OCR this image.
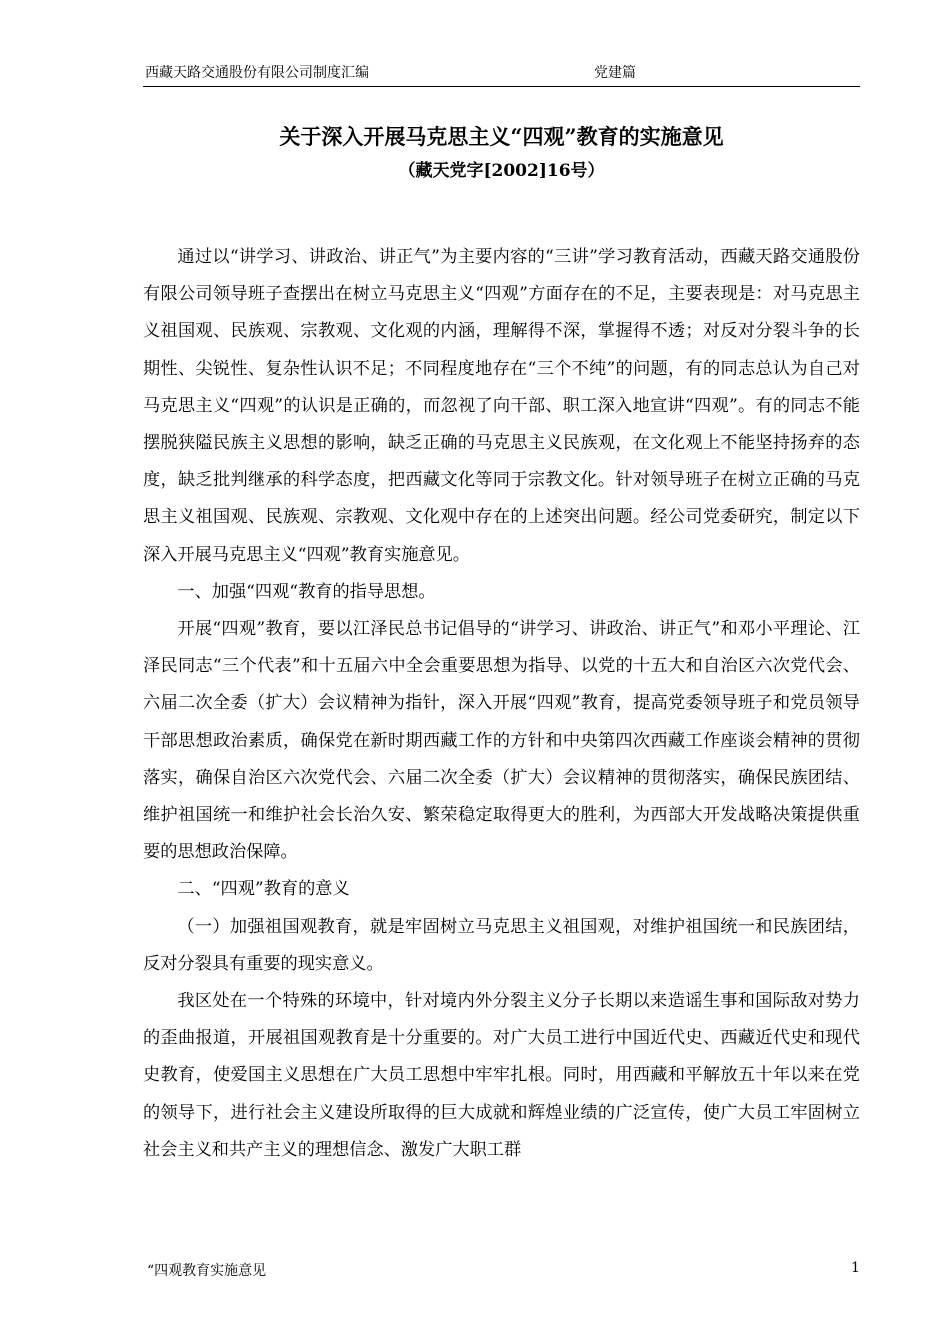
西藏天路交通股份有限公司制度汇编	党建篇
关于深入开展马克思主义“四观”教育的实施意见
（藏天党字[2002]16号）

通过以“讲学习、讲政治、讲正气”为主要内容的“三讲”学习教育活动，西藏天路交通股份有限公司领导班子查摆出在树立马克思主义“四观”方面存在的不足，主要表现是：对马克思主义祖国观、民族观、宗教观、文化观的内涵，理解得不深，掌握得不透；对反对分裂斗争的长期性、尖锐性、复杂性认识不足；不同程度地存在“三个不纯”的问题，有的同志总认为自己对马克思主义“四观”的认识是正确的，而忽视了向干部、职工深入地宣讲“四观”。有的同志不能摆脱狭隘民族主义思想的影响，缺乏正确的马克思主义民族观，在文化观上不能坚持扬弃的态度，缺乏批判继承的科学态度，把西藏文化等同于宗教文化。针对领导班子在树立正确的马克思主义祖国观、民族观、宗教观、文化观中存在的上述突出问题。经公司党委研究，制定以下深入开展马克思主义“四观”教育实施意见。

一、加强“四观“教育的指导思想。

开展“四观”教育，要以江泽民总书记倡导的“讲学习、讲政治、讲正气”和邓小平理论、江泽民同志“三个代表”和十五届六中全会重要思想为指导、以党的十五大和自治区六次党代会、六届二次全委（扩大）会议精神为指针，深入开展“四观”教育，提高党委领导班子和党员领导干部思想政治素质，确保党在新时期西藏工作的方针和中央第四次西藏工作座谈会精神的贯彻落实，确保自治区六次党代会、六届二次全委（扩大）会议精神的贯彻落实，确保民族团结、维护祖国统一和维护社会长治久安、繁荣稳定取得更大的胜利，为西部大开发战略决策提供重要的思想政治保障。

二、“四观”教育的意义

（一）加强祖国观教育，就是牢固树立马克思主义祖国观，对维护祖国统一和民族团结，反对分裂具有重要的现实意义。

我区处在一个特殊的环境中，针对境内外分裂主义分子长期以来造谣生事和国际敌对势力的歪曲报道，开展祖国观教育是十分重要的。对广大员工进行中国近代史、西藏近代史和现代史教育，使爱国主义思想在广大员工思想中牢牢扎根。同时，用西藏和平解放五十年以来在党的领导下，进行社会主义建设所取得的巨大成就和辉煌业绩的广泛宣传，使广大员工牢固树立社会主义和共产主义的理想信念、激发广大职工群

“四观教育实施意见	1
